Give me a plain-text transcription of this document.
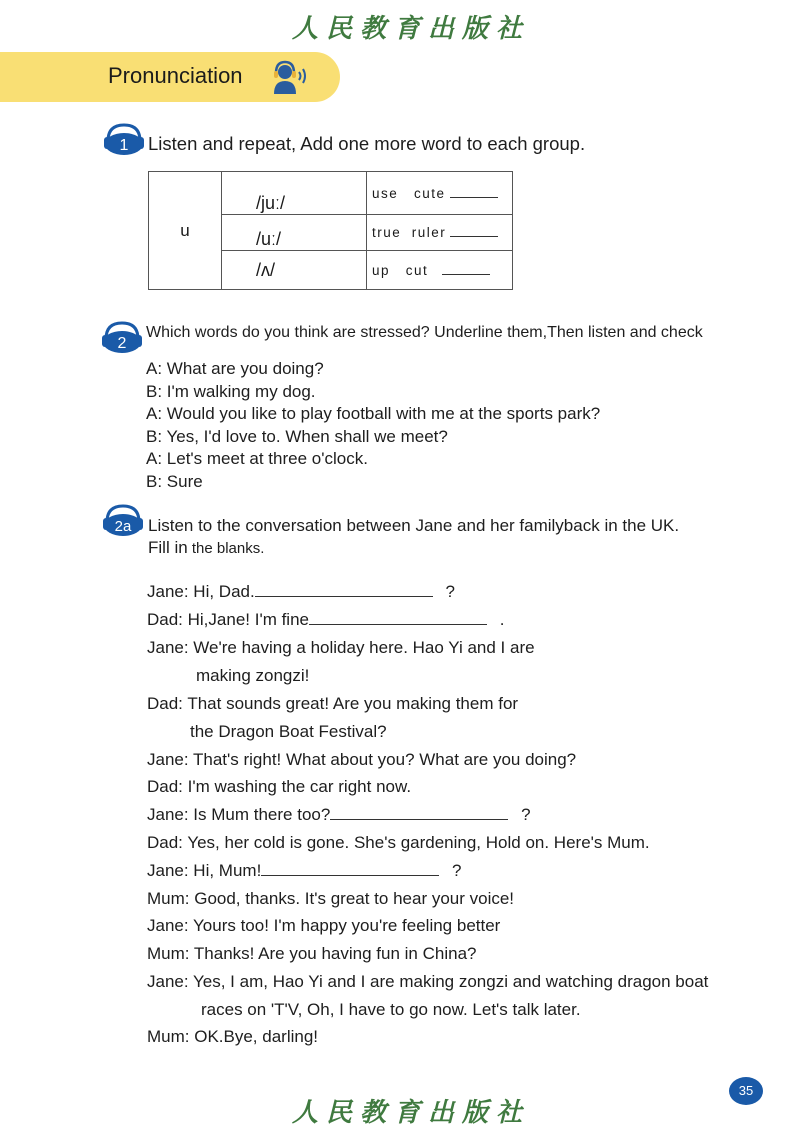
人民教育出版社
Pronunciation
1 Listen and repeat, Add one more word to each group.
u	/juː/	use   cute
	/uː/	true  ruler
	/ʌ/	up   cut
2
Which words do you think are stressed? Underline them,Then listen and check
A: What are you doing?
B: I'm walking my dog.
A: Would you like to play football with me at the sports park?
B: Yes, I'd love to. When shall we meet?
A: Let's meet at three o'clock.
B: Sure
2a Listen to the conversation between Jane and her familyback in the UK.
Fill in the blanks.
Jane: Hi, Dad.	?
Dad: Hi,Jane! I'm fine	.
Jane: We're having a holiday here. Hao Yi and I are
making zongzi!
Dad: That sounds great! Are you making them for
the Dragon Boat Festival?
Jane: That's right! What about you? What are you doing?
Dad: I'm washing the car right now.
Jane: Is Mum there too?	?
Dad: Yes, her cold is gone. She's gardening, Hold on. Here's Mum.
Jane: Hi, Mum!	?
Mum: Good, thanks. It's great to hear your voice!
Jane: Yours too! I'm happy you're feeling better
Mum: Thanks! Are you having fun in China?
Jane: Yes, I am, Hao Yi and I are making zongzi and watching dragon boat
races on 'T'V, Oh, I have to go now. Let's talk later.
Mum: OK.Bye, darling!
人民教育出版社
35
